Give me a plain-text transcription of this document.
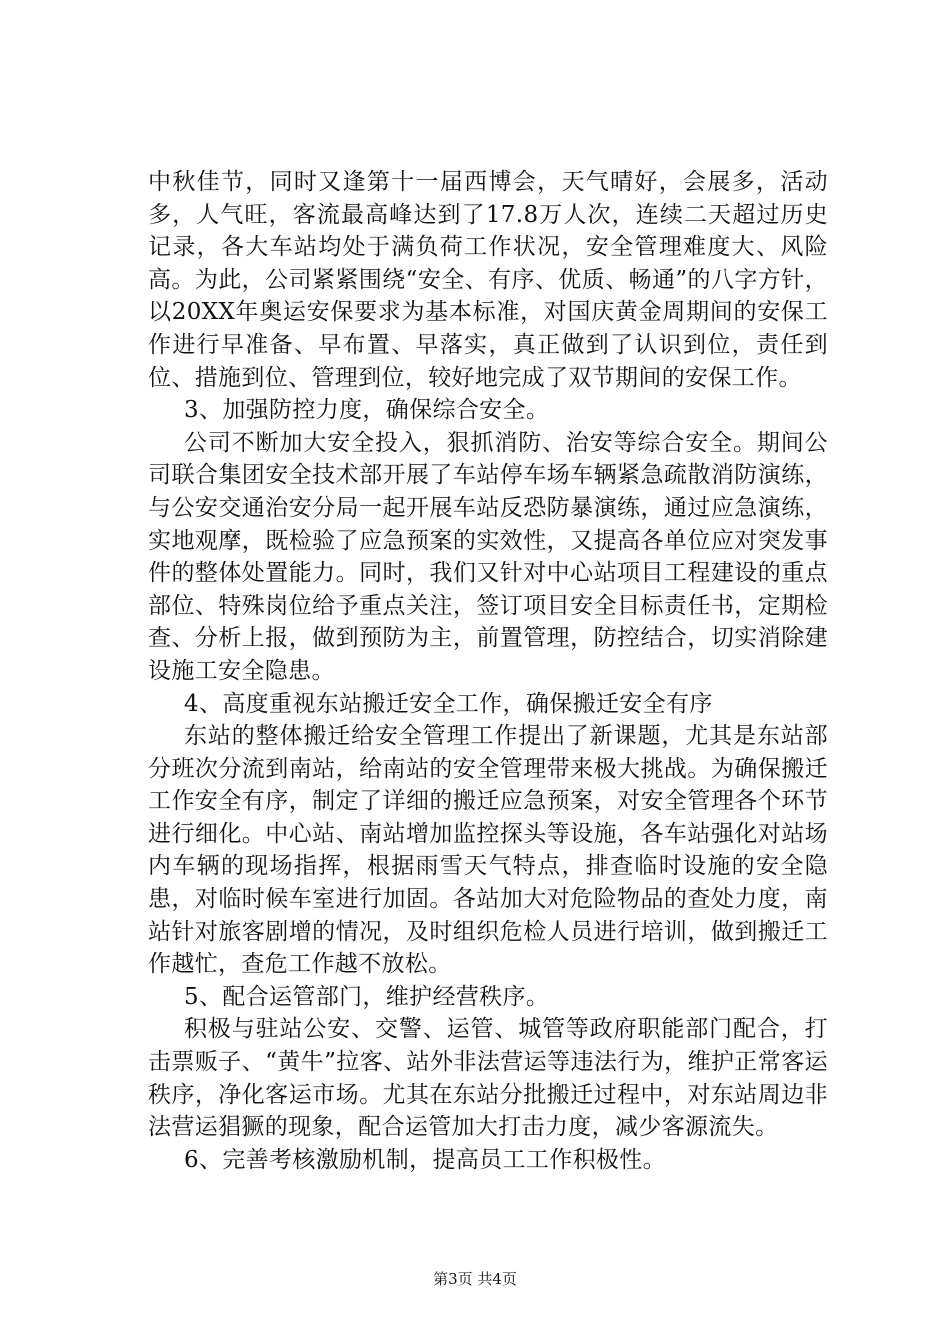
中秋佳节，同时又逢第十一届西博会，天气晴好，会展多，活动多，人气旺，客流最高峰达到了17.8万人次，连续二天超过历史记录，各大车站均处于满负荷工作状况，安全管理难度大、风险高。为此，公司紧紧围绕“安全、有序、优质、畅通”的八字方针，以20XX年奥运安保要求为基本标准，对国庆黄金周期间的安保工作进行早准备、早布置、早落实，真正做到了认识到位，责任到位、措施到位、管理到位，较好地完成了双节期间的安保工作。

3、加强防控力度，确保综合安全。

公司不断加大安全投入，狠抓消防、治安等综合安全。期间公司联合集团安全技术部开展了车站停车场车辆紧急疏散消防演练，与公安交通治安分局一起开展车站反恐防暴演练，通过应急演练，实地观摩，既检验了应急预案的实效性，又提高各单位应对突发事件的整体处置能力。同时，我们又针对中心站项目工程建设的重点部位、特殊岗位给予重点关注，签订项目安全目标责任书，定期检查、分析上报，做到预防为主，前置管理，防控结合，切实消除建设施工安全隐患。

4、高度重视东站搬迁安全工作，确保搬迁安全有序

东站的整体搬迁给安全管理工作提出了新课题，尤其是东站部分班次分流到南站，给南站的安全管理带来极大挑战。为确保搬迁工作安全有序，制定了详细的搬迁应急预案，对安全管理各个环节进行细化。中心站、南站增加监控探头等设施，各车站强化对站场内车辆的现场指挥，根据雨雪天气特点，排查临时设施的安全隐患，对临时候车室进行加固。各站加大对危险物品的查处力度，南站针对旅客剧增的情况，及时组织危检人员进行培训，做到搬迁工作越忙，查危工作越不放松。

5、配合运管部门，维护经营秩序。

积极与驻站公安、交警、运管、城管等政府职能部门配合，打击票贩子、“黄牛”拉客、站外非法营运等违法行为，维护正常客运秩序，净化客运市场。尤其在东站分批搬迁过程中，对东站周边非法营运猖獗的现象，配合运管加大打击力度，减少客源流失。

6、完善考核激励机制，提高员工工作积极性。

第3页 共4页
